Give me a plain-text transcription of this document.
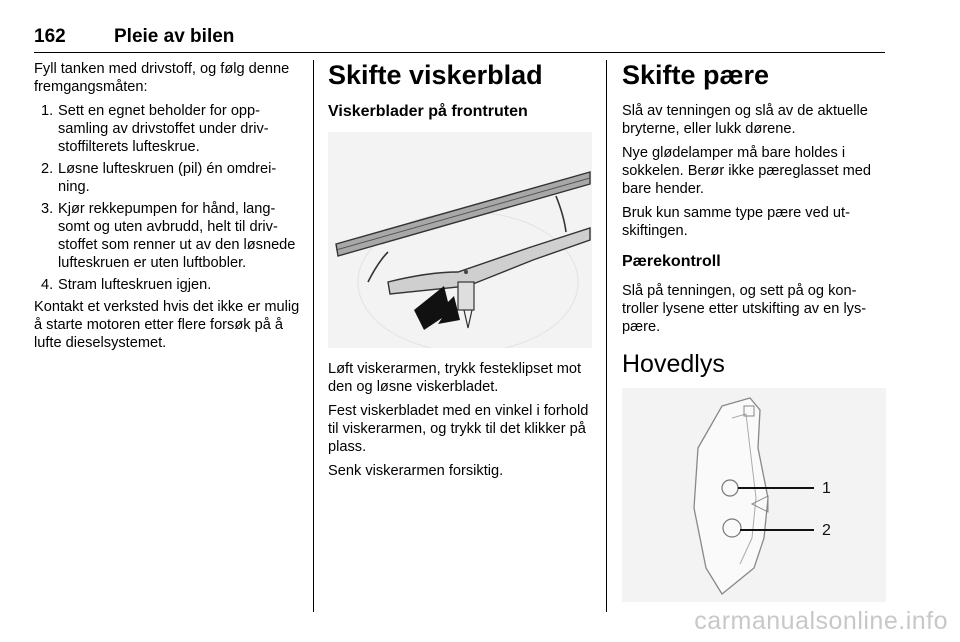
162	Pleie av bilen

Fyll tanken med drivstoff, og følg denne fremgangsmåten:

1. Sett en egnet beholder for oppsamling av drivstoffet under drivstoffilterets lufteskrue.
2. Løsne lufteskruen (pil) én omdreining.
3. Kjør rekkepumpen for hånd, langsomt og uten avbrudd, helt til drivstoffet som renner ut av den løsnede lufteskruen er uten luftbobler.
4. Stram lufteskruen igjen.

Kontakt et verksted hvis det ikke er mulig å starte motoren etter flere forsøk på å lufte dieselsystemet.

Skifte viskerblad
Viskerblader på frontruten

Løft viskerarmen, trykk festeklipset mot den og løsne viskerbladet.

Fest viskerbladet med en vinkel i forhold til viskerarmen, og trykk til det klikker på plass.

Senk viskerarmen forsiktig.

Skifte pære

Slå av tenningen og slå av de aktuelle bryterne, eller lukk dørene.

Nye glødelamper må bare holdes i sokkelen. Berør ikke pæreglasset med bare hender.

Bruk kun samme type pære ved utskiftingen.

Pærekontroll

Slå på tenningen, og sett på og kontroller lysene etter utskifting av en lyspære.

Hovedlys
1
2
carmanualsonline.info
